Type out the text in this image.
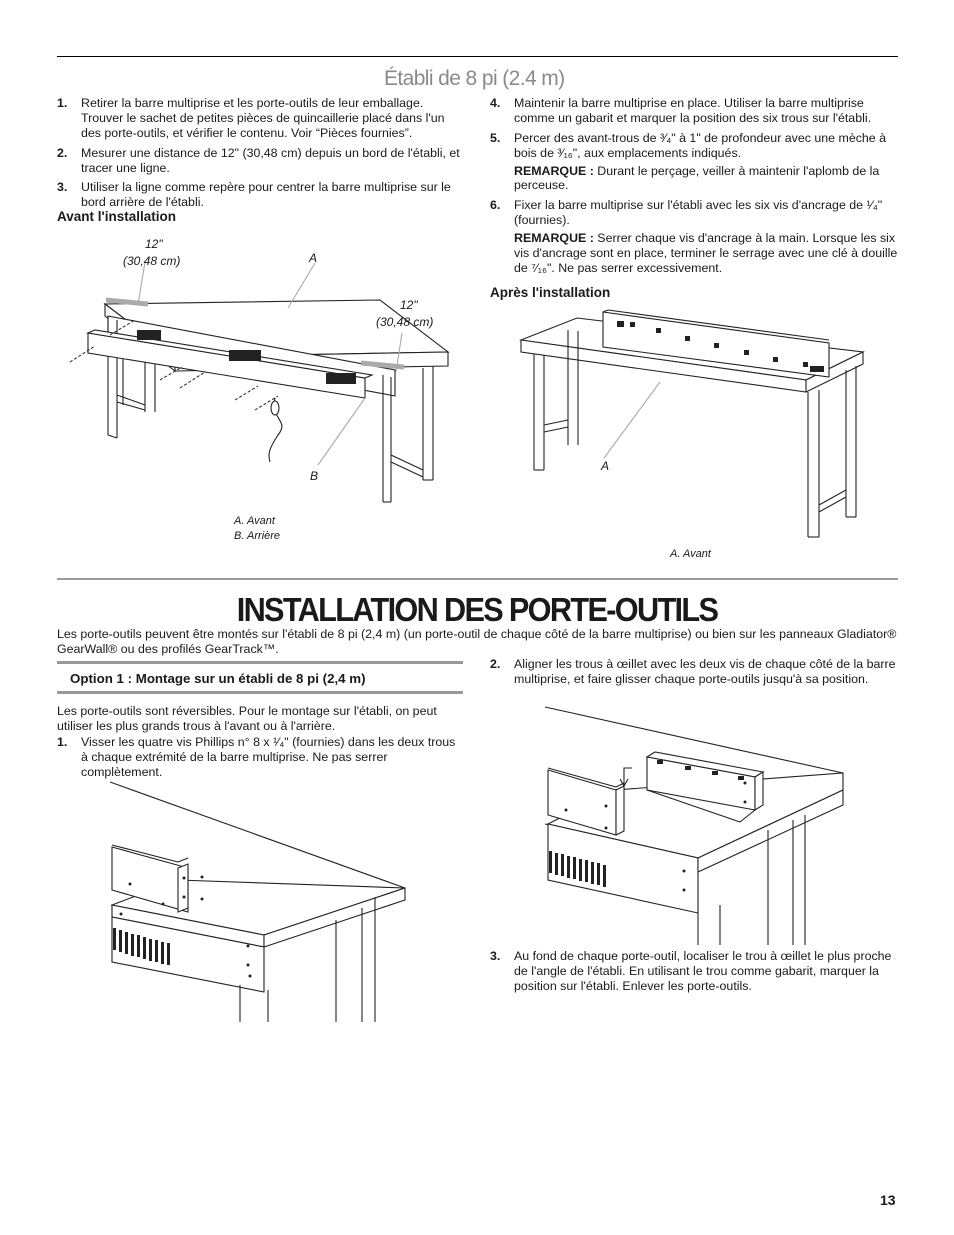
Établi de 8 pi (2.4 m)
1. Retirer la barre multiprise et les porte-outils de leur emballage. Trouver le sachet de petites pièces de quincaillerie placé dans l'un des porte-outils, et vérifier le contenu. Voir “Pièces fournies”.
2. Mesurer une distance de 12" (30,48 cm) depuis un bord de l'établi, et tracer une ligne.
3. Utiliser la ligne comme repère pour centrer la barre multiprise sur le bord arrière de l'établi.
Avant l'installation
4. Maintenir la barre multiprise en place. Utiliser la barre multiprise comme un gabarit et marquer la position des six trous sur l'établi.
5. Percer des avant-trous de ³⁄₄" à 1" de profondeur avec une mèche à bois de ³⁄₁₆", aux emplacements indiqués.
REMARQUE : Durant le perçage, veiller à maintenir l'aplomb de la perceuse.
6. Fixer la barre multiprise sur l'établi avec les six vis d'ancrage de ¹⁄₄" (fournies).
REMARQUE : Serrer chaque vis d'ancrage à la main. Lorsque les six vis d'ancrage sont en place, terminer le serrage avec une clé à douille de ⁷⁄₁₆". Ne pas serrer excessivement.
Après l'installation
12"
(30,48 cm)	A
12"
(30,48 cm)
B
A. Avant
B. Arrière
A
A. Avant
INSTALLATION DES PORTE-OUTILS
Les porte-outils peuvent être montés sur l'établi de 8 pi (2,4 m) (un porte-outil de chaque côté de la barre multiprise) ou bien sur les panneaux Gladiator® GearWall® ou des profilés GearTrack™.
Option 1 : Montage sur un établi de 8 pi (2,4 m)
Les porte-outils sont réversibles. Pour le montage sur l'établi, on peut utiliser les plus grands trous à l'avant ou à l'arrière.
1. Visser les quatre vis Phillips n° 8 x ¹⁄₄" (fournies) dans les deux trous à chaque extrémité de la barre multiprise. Ne pas serrer complètement.
2. Aligner les trous à œillet avec les deux vis de chaque côté de la barre multiprise, et faire glisser chaque porte-outils jusqu'à sa position.
3. Au fond de chaque porte-outil, localiser le trou à œillet le plus proche de l'angle de l'établi. En utilisant le trou comme gabarit, marquer la position sur l'établi. Enlever les porte-outils.
13
